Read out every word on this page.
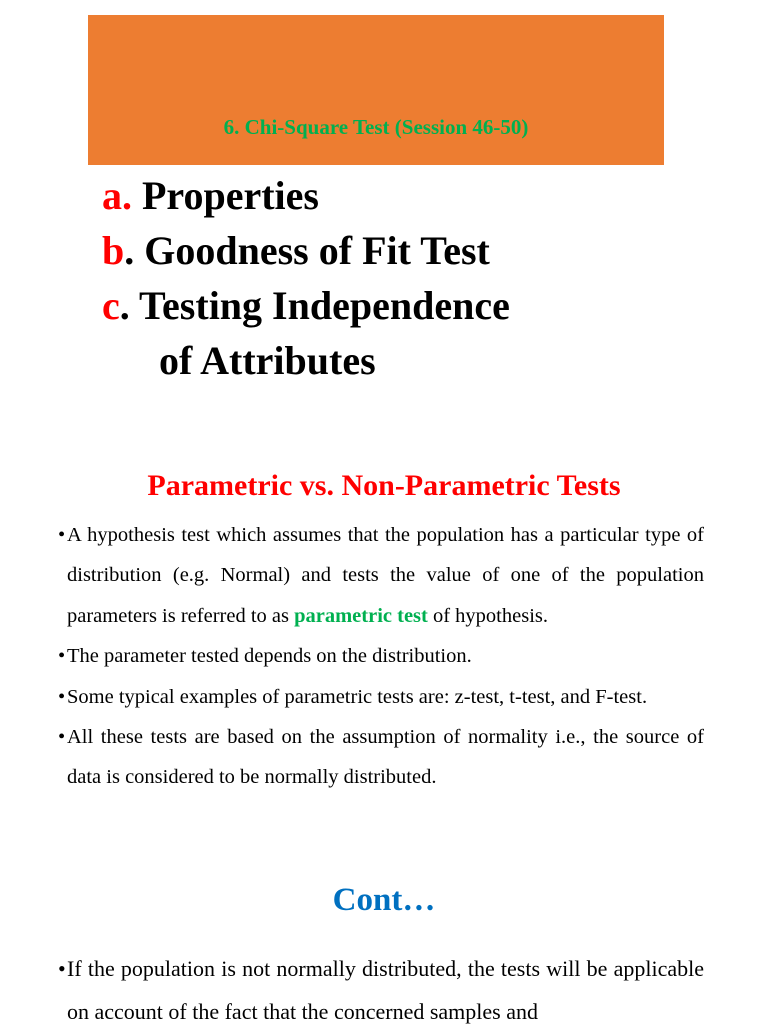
6. Chi-Square Test (Session 46-50)
a. Properties
b. Goodness of Fit Test
c. Testing Independence
of Attributes
Parametric vs. Non-Parametric Tests
• A hypothesis test which assumes that the population has a particular type of distribution (e.g. Normal) and tests the value of one of the population parameters is referred to as parametric test of hypothesis.
• The parameter tested depends on the distribution.
• Some typical examples of parametric tests are: z-test, t-test, and F-test.
• All these tests are based on the assumption of normality i.e., the source of data is considered to be normally distributed.
Cont…
• If the population is not normally distributed, the tests will be applicable on account of the fact that the concerned samples and
